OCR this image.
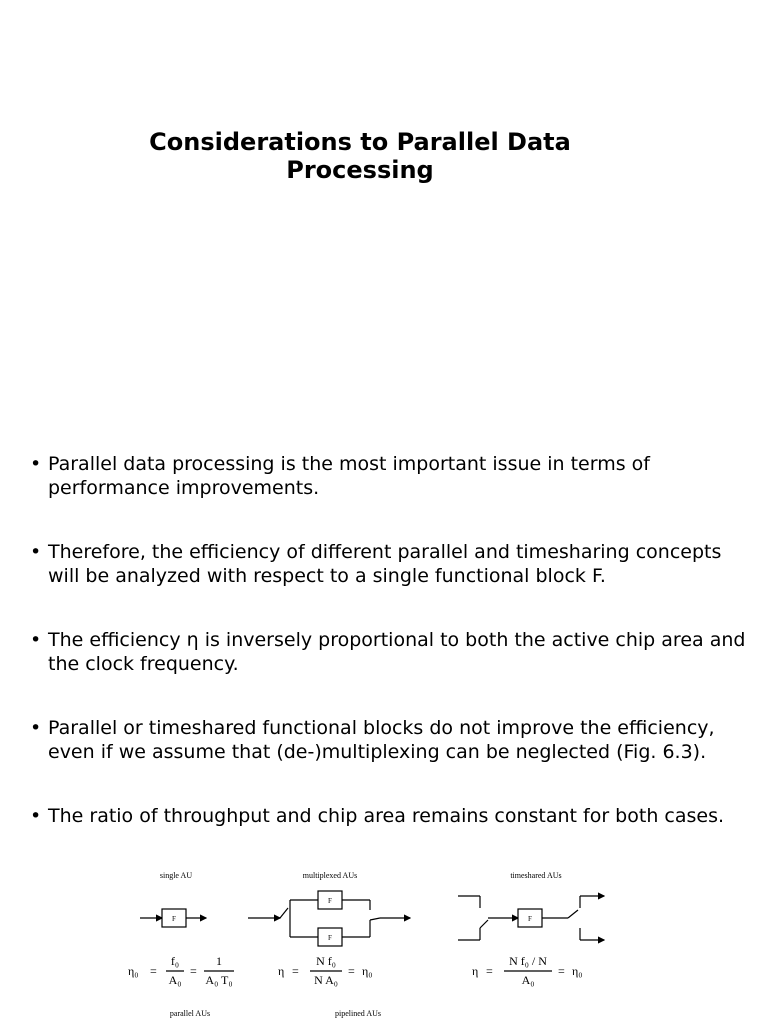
Considerations to Parallel Data
Processing
• Parallel data processing is the most important issue in terms of performance improvements.
• Therefore, the efficiency of different parallel and timesharing concepts will be analyzed with respect to a single functional block F.
• The efficiency η is inversely proportional to both the active chip area and the clock frequency.
• Parallel or timeshared functional blocks do not improve the efficiency, even if we assume that (de-)multiplexing can be neglected (Fig. 6.3).
• The ratio of throughput and chip area remains constant for both cases.
single AU	multiplexed AUs	timeshared AUs
parallel AUs	pipelined AUs
F
F
F
F
η₀ =
f₀
A₀
=
1
A₀ T₀
η =
N f₀
N A₀
= η₀	η =
N f₀ / N
A₀
= η₀
